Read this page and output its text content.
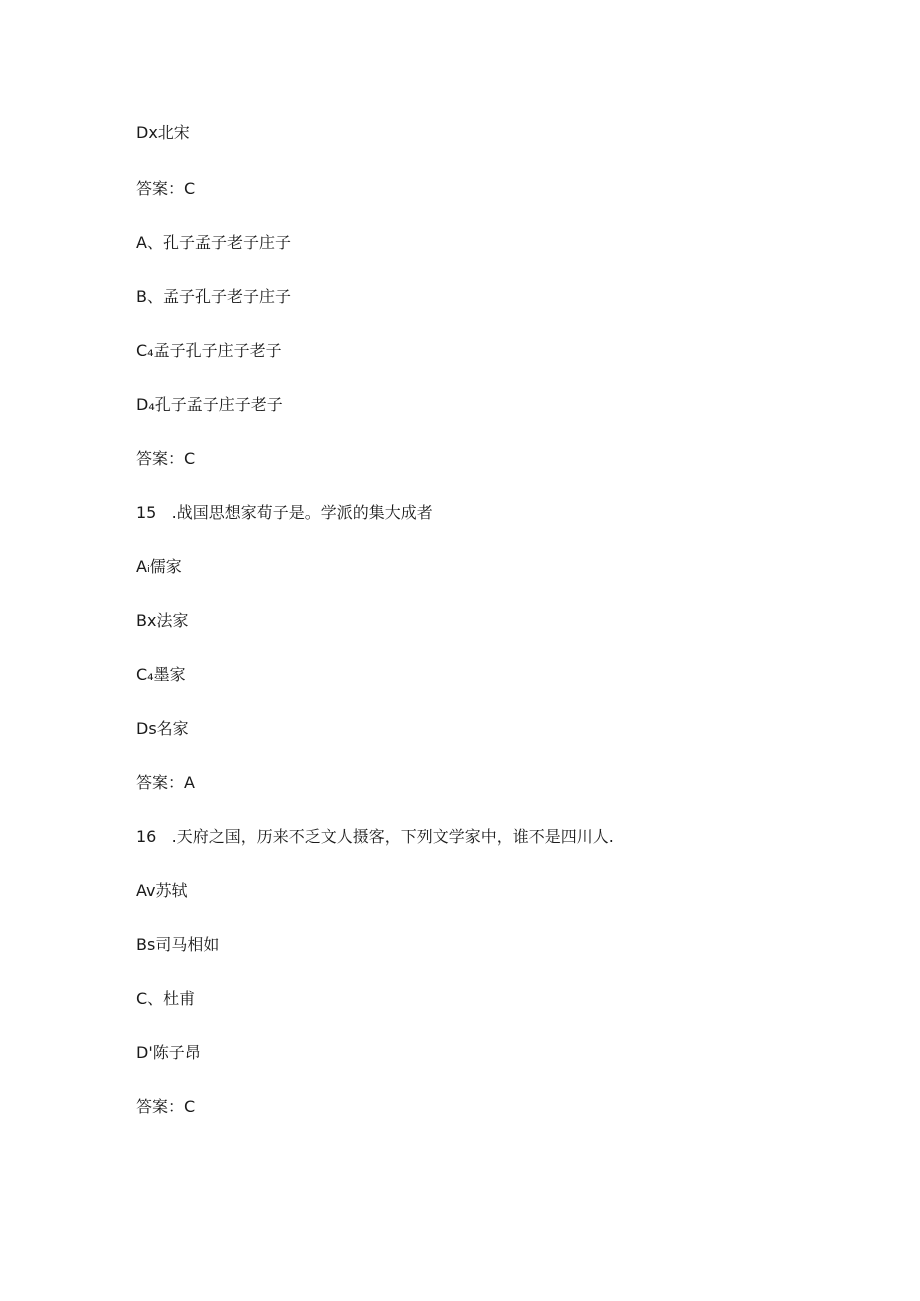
Dx北宋
答案：C
A、孔子孟子老子庄子
B、孟子孔子老子庄子
C₄孟子孔子庄子老子
D₄孔子孟子庄子老子
答案：C
15   .战国思想家荀子是。学派的集大成者
Aᵢ儒家
Bx法家
C₄墨家
Ds名家
答案：A
16   .天府之国，历来不乏文人摄客，下列文学家中，谁不是四川人.
Av苏轼
Bs司马相如
C、杜甫
D'陈子昂
答案：C
